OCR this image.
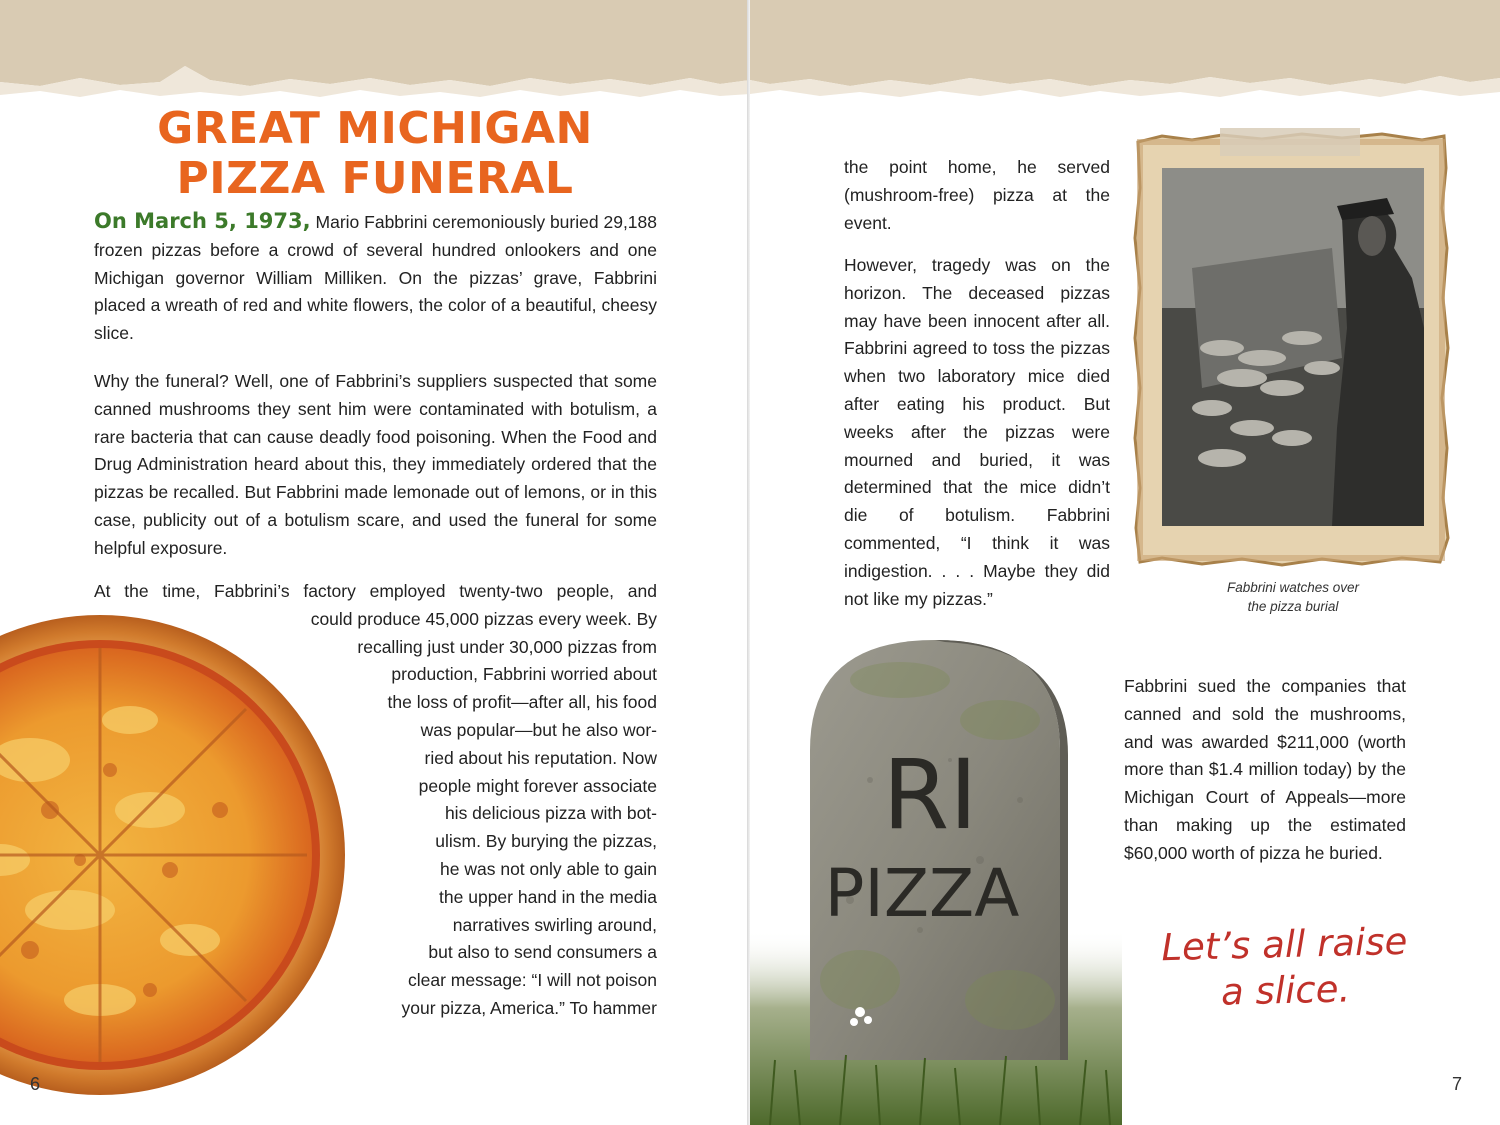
GREAT MICHIGAN
PIZZA FUNERAL

On March 5, 1973, Mario Fabbrini ceremoniously buried 29,188 frozen pizzas before a crowd of several hundred onlookers and one Michigan governor William Milliken. On the pizzas’ grave, Fabbrini placed a wreath of red and white flowers, the color of a beautiful, cheesy slice.

Why the funeral? Well, one of Fabbrini’s suppliers suspected that some canned mushrooms they sent him were contaminated with botulism, a rare bacteria that can cause deadly food poisoning. When the Food and Drug Administration heard about this, they immediately ordered that the pizzas be recalled. But Fabbrini made lemonade out of lemons, or in this case, publicity out of a botulism scare, and used the funeral for some helpful exposure.

At the time, Fabbrini’s factory employed twenty-two people, and
could produce 45,000 pizzas every week. By
recalling just under 30,000 pizzas from
production, Fabbrini worried about
the loss of profit—after all, his food
was popular—but he also wor-
ried about his reputation. Now
people might forever associate
his delicious pizza with bot-
ulism. By burying the pizzas,
he was not only able to gain
the upper hand in the media
narratives swirling around,
but also to send consumers a
clear message: “I will not poison
your pizza, America.” To hammer
6

the point home, he served (mushroom-free) pizza at the event.

However, tragedy was on the horizon. The deceased pizzas may have been innocent after all. Fabbrini agreed to toss the pizzas when two laboratory mice died after eating his product. But weeks after the pizzas were mourned and buried, it was determined that the mice didn’t die of botulism. Fabbrini commented, “I think it was indigestion. . . . Maybe they did not like my pizzas.”

Fabbrini watches over
the pizza burial
RI
PIZZA

Fabbrini sued the companies that canned and sold the mushrooms, and was awarded $211,000 (worth more than $1.4 million today) by the Michigan Court of Appeals—more than making up the estimated $60,000 worth of pizza he buried.

Let’s all raise
a slice.
7
